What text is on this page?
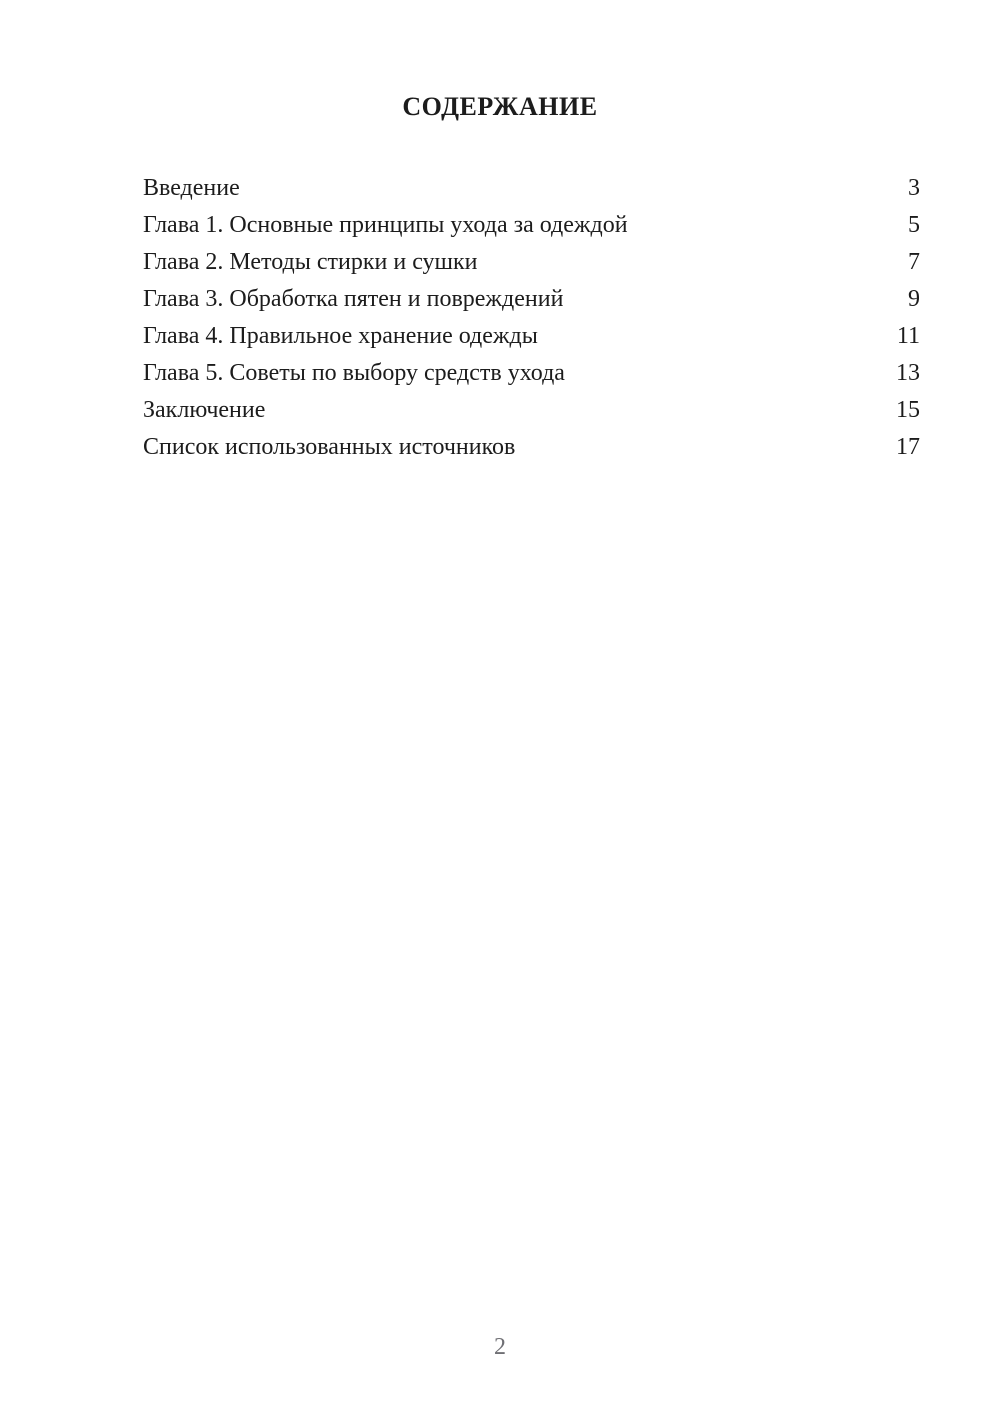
СОДЕРЖАНИЕ
Введение	3
Глава 1. Основные принципы ухода за одеждой	5
Глава 2. Методы стирки и сушки	7
Глава 3. Обработка пятен и повреждений	9
Глава 4. Правильное хранение одежды	11
Глава 5. Советы по выбору средств ухода	13
Заключение	15
Список использованных источников	17
2
